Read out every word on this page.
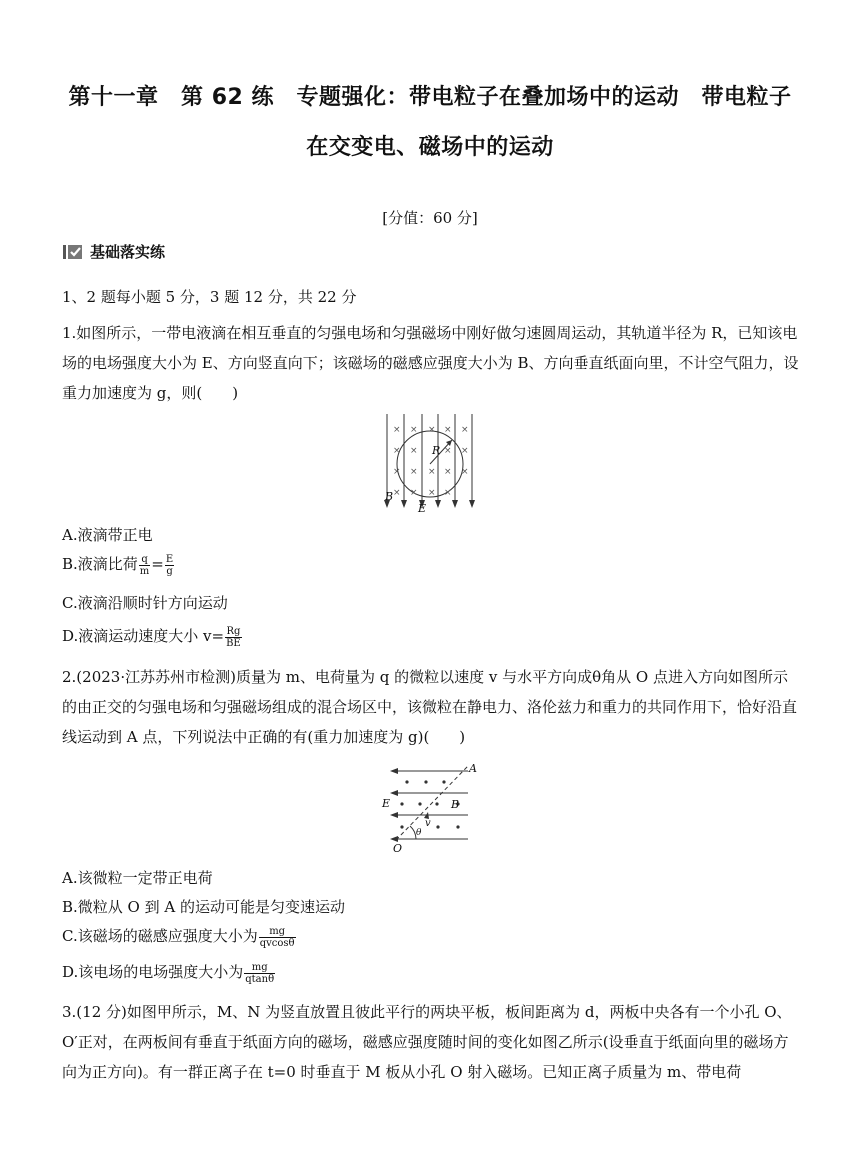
第十一章　第 62 练　专题强化：带电粒子在叠加场中的运动　带电粒子
在交变电、磁场中的运动
[分值：60 分]
基础落实练
1、2 题每小题 5 分，3 题 12 分，共 22 分
1.如图所示，一带电液滴在相互垂直的匀强电场和匀强磁场中刚好做匀速圆周运动，其轨道半径为 R，已知该电场的电场强度大小为 E、方向竖直向下；该磁场的磁感应强度大小为 B、方向垂直纸面向里，不计空气阻力，设重力加速度为 g，则(　　)
× × × × ×
× ×	× ×
× × × × ×
× × × ×
B
E
R
A.液滴带正电
B.液滴比荷 $\frac{q}{m} = \frac{E}{g}$
C.液滴沿顺时针方向运动
D.液滴运动速度大小 $v= \frac{Rg}{BE}$
2.(2023·江苏苏州市检测)质量为 m、电荷量为 q 的微粒以速度 v 与水平方向成θ角从 O 点进入方向如图所示的由正交的匀强电场和匀强磁场组成的混合场区中，该微粒在静电力、洛伦兹力和重力的共同作用下，恰好沿直线运动到 A 点，下列说法中正确的有(重力加速度为 g)(　　)
A
E	B
v
θ
O
A.该微粒一定带正电荷
B.微粒从 O 到 A 的运动可能是匀变速运动
C.该磁场的磁感应强度大小为 $\frac{mg}{qvcos\theta}$
D.该电场的电场强度大小为 $\frac{mg}{qtan\theta}$
3.(12 分)如图甲所示，M、N 为竖直放置且彼此平行的两块平板，板间距离为 d，两板中央各有一个小孔 O、O′正对，在两板间有垂直于纸面方向的磁场，磁感应强度随时间的变化如图乙所示(设垂直于纸面向里的磁场方向为正方向)。有一群正离子在 t=0 时垂直于 M 板从小孔 O 射入磁场。已知正离子质量为 m、带电荷
